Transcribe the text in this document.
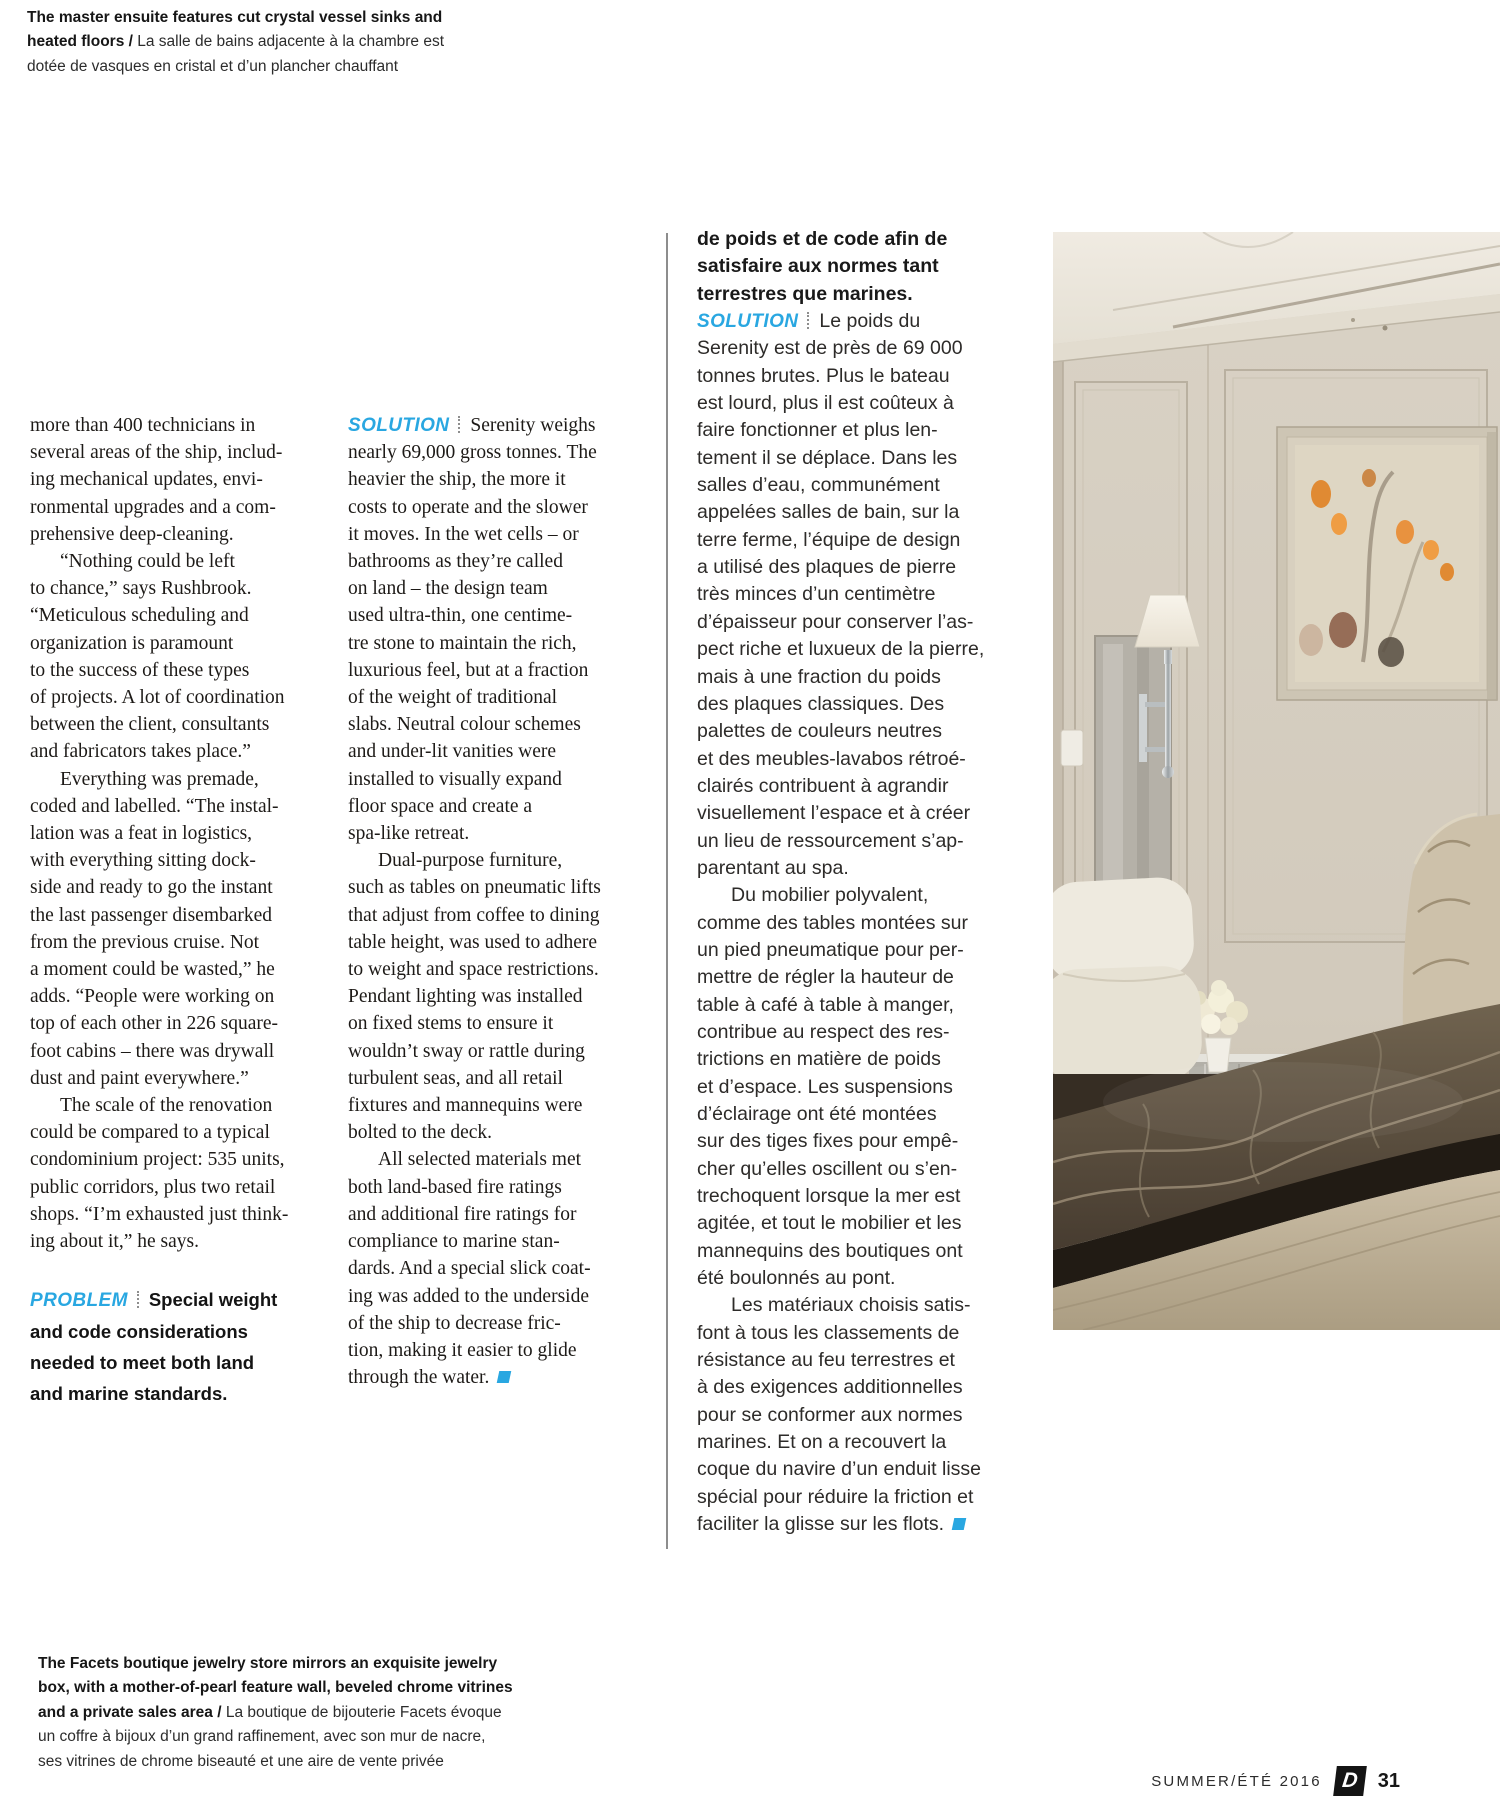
The master ensuite features cut crystal vessel sinks and
heated floors / La salle de bains adjacente à la chambre est
dotée de vasques en cristal et d’un plancher chauffant
more than 400 technicians in
several areas of the ship, includ-
ing mechanical updates, envi-
ronmental upgrades and a com-
prehensive deep-cleaning.
“Nothing could be left
to chance,” says Rushbrook.
“Meticulous scheduling and
organization is paramount
to the success of these types
of projects. A lot of coordination
between the client, consultants
and fabricators takes place.”
Everything was premade,
coded and labelled. “The instal-
lation was a feat in logistics,
with everything sitting dock-
side and ready to go the instant
the last passenger disembarked
from the previous cruise. Not
a moment could be wasted,” he
adds. “People were working on
top of each other in 226 square-
foot cabins – there was drywall
dust and paint everywhere.”
The scale of the renovation
could be compared to a typical
condominium project: 535 units,
public corridors, plus two retail
shops. “I’m exhausted just think-
ing about it,” he says.
PROBLEM Special weight
and code considerations
needed to meet both land
and marine standards.
SOLUTION Serenity weighs
nearly 69,000 gross tonnes. The
heavier the ship, the more it
costs to operate and the slower
it moves. In the wet cells – or
bathrooms as they’re called
on land – the design team
used ultra-thin, one centime-
tre stone to maintain the rich,
luxurious feel, but at a fraction
of the weight of traditional
slabs. Neutral colour schemes
and under-lit vanities were
installed to visually expand
floor space and create a
spa-like retreat.
Dual-purpose furniture,
such as tables on pneumatic lifts
that adjust from coffee to dining
table height, was used to adhere
to weight and space restrictions.
Pendant lighting was installed
on fixed stems to ensure it
wouldn’t sway or rattle during
turbulent seas, and all retail
fixtures and mannequins were
bolted to the deck.
All selected materials met
both land-based fire ratings
and additional fire ratings for
compliance to marine stan-
dards. And a special slick coat-
ing was added to the underside
of the ship to decrease fric-
tion, making it easier to glide
through the water.
de poids et de code afin de
satisfaire aux normes tant
terrestres que marines.
SOLUTION Le poids du
Serenity est de près de 69 000
tonnes brutes. Plus le bateau
est lourd, plus il est coûteux à
faire fonctionner et plus len-
tement il se déplace. Dans les
salles d’eau, communément
appelées salles de bain, sur la
terre ferme, l’équipe de design
a utilisé des plaques de pierre
très minces d’un centimètre
d’épaisseur pour conserver l’as-
pect riche et luxueux de la pierre,
mais à une fraction du poids
des plaques classiques. Des
palettes de couleurs neutres
et des meubles-lavabos rétroé-
clairés contribuent à agrandir
visuellement l’espace et à créer
un lieu de ressourcement s’ap-
parentant au spa.
Du mobilier polyvalent,
comme des tables montées sur
un pied pneumatique pour per-
mettre de régler la hauteur de
table à café à table à manger,
contribue au respect des res-
trictions en matière de poids
et d’espace. Les suspensions
d’éclairage ont été montées
sur des tiges fixes pour empê-
cher qu’elles oscillent ou s’en-
trechoquent lorsque la mer est
agitée, et tout le mobilier et les
mannequins des boutiques ont
été boulonnés au pont.
Les matériaux choisis satis-
font à tous les classements de
résistance au feu terrestres et
à des exigences additionnelles
pour se conformer aux normes
marines. Et on a recouvert la
coque du navire d’un enduit lisse
spécial pour réduire la friction et
faciliter la glisse sur les flots.
The Facets boutique jewelry store mirrors an exquisite jewelry
box, with a mother-of-pearl feature wall, beveled chrome vitrines
and a private sales area / La boutique de bijouterie Facets évoque
un coffre à bijoux d’un grand raffinement, avec son mur de nacre,
ses vitrines de chrome biseauté et une aire de vente privée
SUMMER/ÉTÉ 2016 D 31
